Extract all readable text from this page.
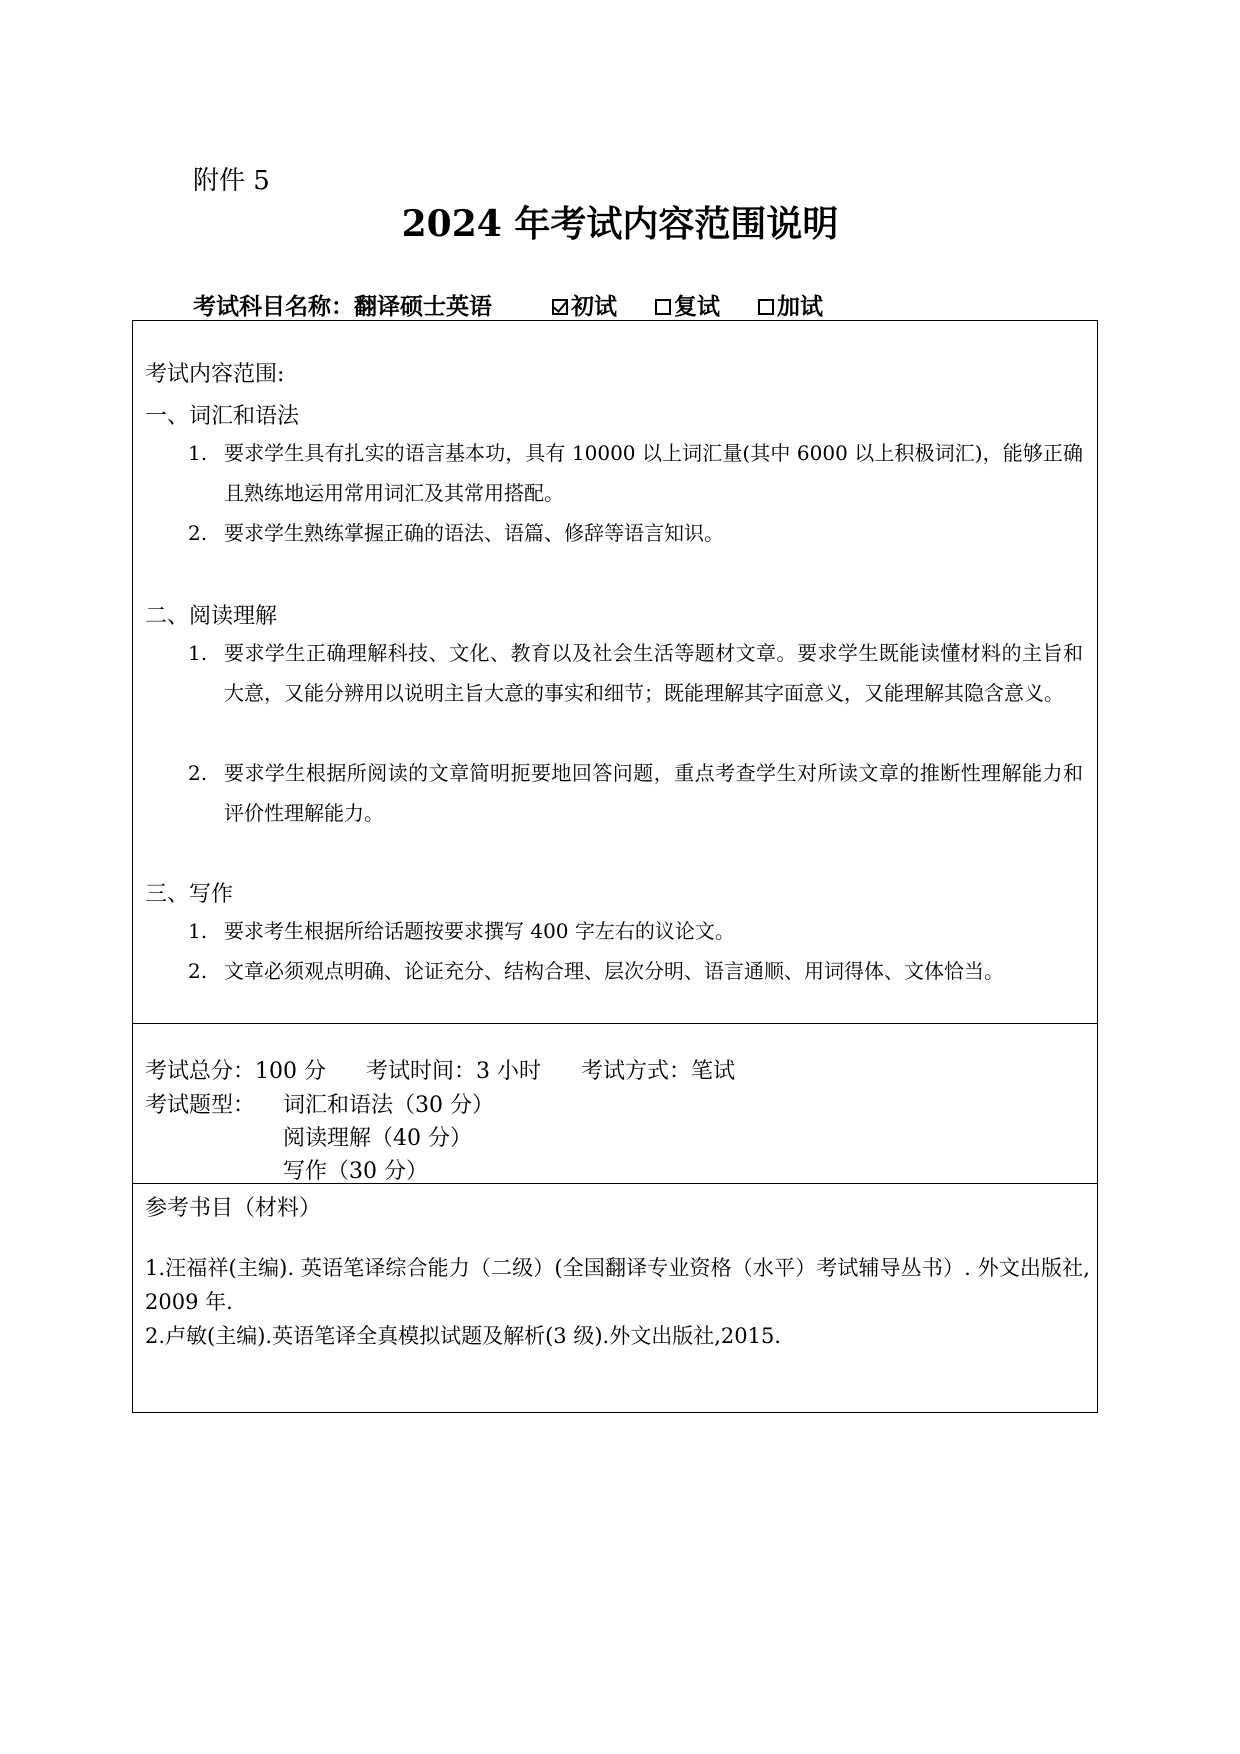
附件 5
2024 年考试内容范围说明
考试科目名称：翻译硕士英语	初试 复试 加试
考试内容范围:
一、词汇和语法
1. 要求学生具有扎实的语言基本功，具有 10000 以上词汇量(其中 6000 以上积极词汇)，能够正确且熟练地运用常用词汇及其常用搭配。
2. 要求学生熟练掌握正确的语法、语篇、修辞等语言知识。
二、阅读理解
1. 要求学生正确理解科技、文化、教育以及社会生活等题材文章。要求学生既能读懂材料的主旨和大意，又能分辨用以说明主旨大意的事实和细节；既能理解其字面意义，又能理解其隐含意义。
2. 要求学生根据所阅读的文章简明扼要地回答问题，重点考查学生对所读文章的推断性理解能力和评价性理解能力。
三、写作
1. 要求考生根据所给话题按要求撰写 400 字左右的议论文。
2. 文章必须观点明确、论证充分、结构合理、层次分明、语言通顺、用词得体、文体恰当。
考试总分：100 分 考试时间：3 小时 考试方式：笔试
考试题型： 词汇和语法（30 分）
阅读理解（40 分）
写作（30 分）
参考书目（材料）
1.汪福祥(主编). 英语笔译综合能力（二级）(全国翻译专业资格（水平）考试辅导丛书）. 外文出版社, 2009 年.
2.卢敏(主编).英语笔译全真模拟试题及解析(3 级).外文出版社,2015.
